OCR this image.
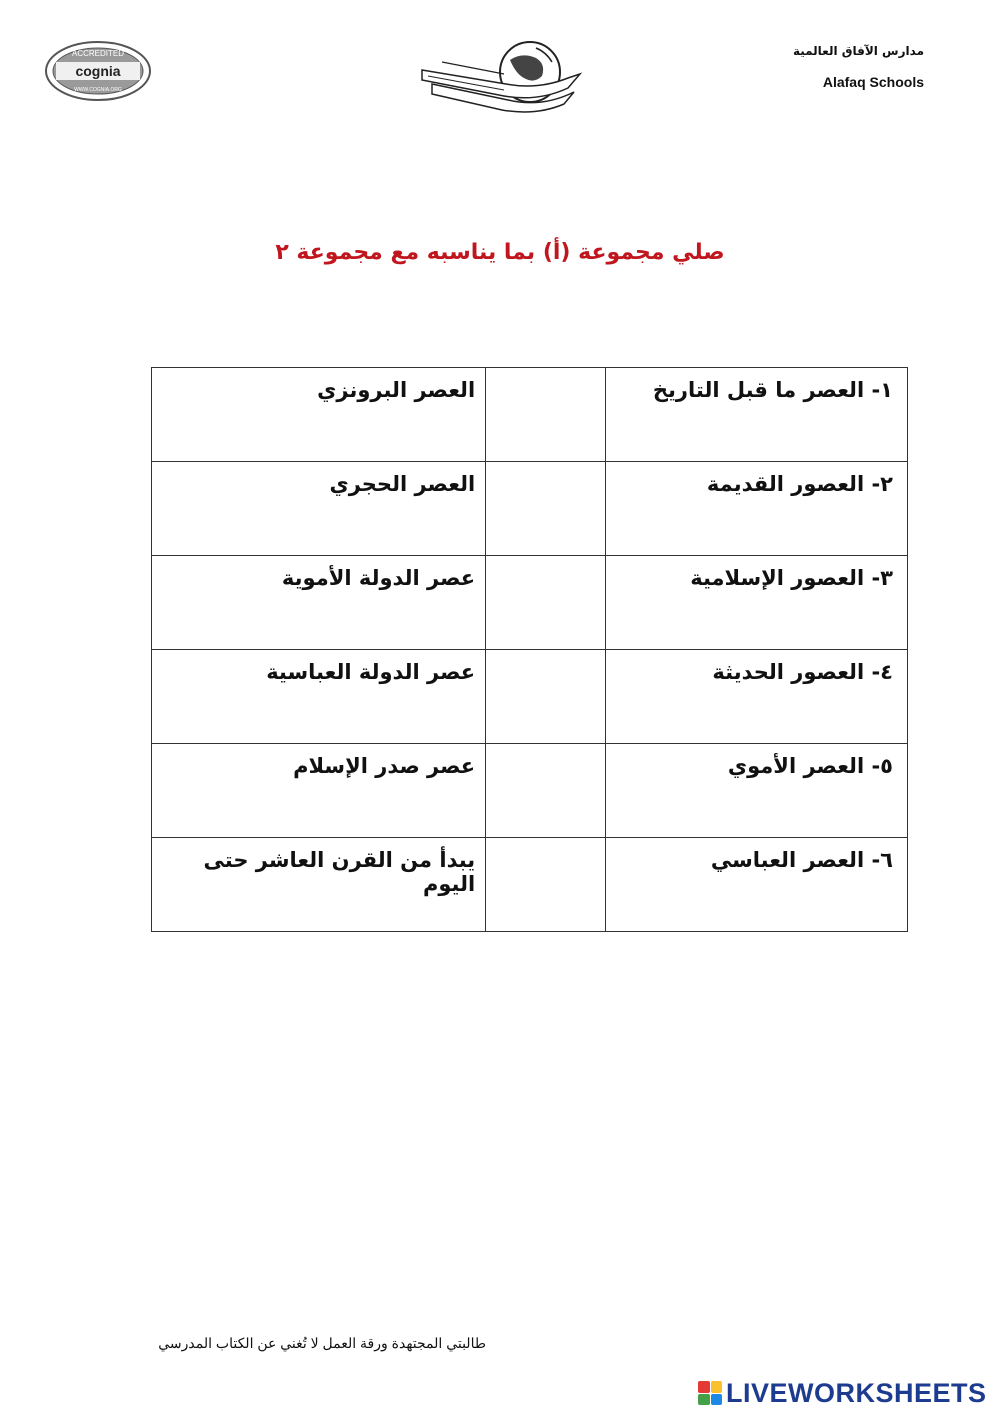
cognia
ACCREDITED
WWW.COGNIA.ORG
مدارس الآفاق العالمية
Alafaq Schools
صلي مجموعة (أ) بما يناسبه مع مجموعة ٢
١- العصر ما قبل التاريخ		العصر البرونزي

٢- العصور القديمة		العصر الحجري

٣- العصور الإسلامية		عصر الدولة الأموية

٤- العصور الحديثة		عصر الدولة العباسية

٥- العصر الأموي		عصر صدر الإسلام

٦- العصر العباسي		يبدأ من القرن العاشر حتى اليوم
طالبتي المجتهدة ورقة العمل لا تُغني عن الكتاب المدرسي
LIVEWORKSHEETS
